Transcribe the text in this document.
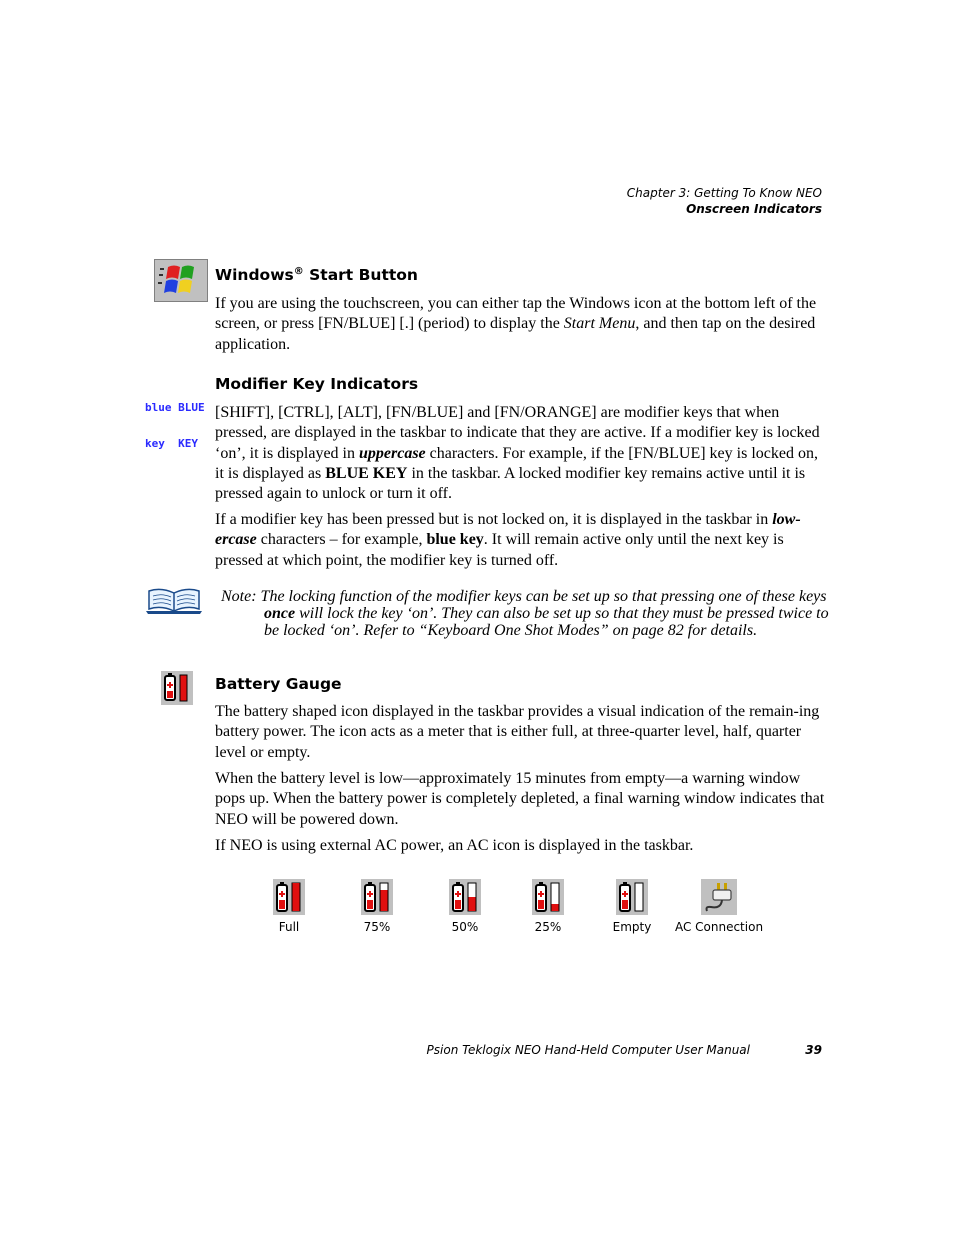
Chapter 3: Getting To Know NEO
Onscreen Indicators
Windows® Start Button

If you are using the touchscreen, you can either tap the Windows icon at the bottom left of the screen, or press [FN/BLUE] [.] (period) to display the Start Menu, and then tap on the desired application.

blue BLUE

key  KEY

Modifier Key Indicators

[SHIFT], [CTRL], [ALT], [FN/BLUE] and [FN/ORANGE] are modifier keys that when pressed, are displayed in the taskbar to indicate that they are active. If a modifier key is locked ‘on’, it is displayed in uppercase characters. For example, if the [FN/BLUE] key is locked on, it is displayed as BLUE KEY in the taskbar. A locked modifier key remains active until it is pressed again to unlock or turn it off.

If a modifier key has been pressed but is not locked on, it is displayed in the taskbar in low-ercase characters – for example, blue key. It will remain active only until the next key is pressed at which point, the modifier key is turned off.

Note: The locking function of the modifier keys can be set up so that pressing one of these keys once will lock the key ‘on’. They can also be set up so that they must be pressed twice to be locked ‘on’. Refer to “Keyboard One Shot Modes” on page 82 for details.

Battery Gauge

The battery shaped icon displayed in the taskbar provides a visual indication of the remain-ing battery power. The icon acts as a meter that is either full, at three-quarter level, half, quarter level or empty.

When the battery level is low—approximately 15 minutes from empty—a warning window pops up. When the battery power is completely depleted, a final warning window indicates that NEO will be powered down.

If NEO is using external AC power, an AC icon is displayed in the taskbar.

Full	75%	50%	25%	Empty	AC Connection
Psion Teklogix NEO Hand-Held Computer User Manual	39
